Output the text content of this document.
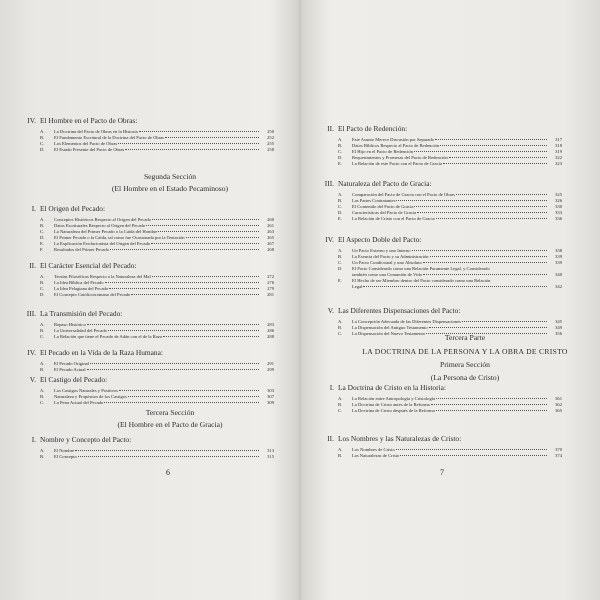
Segunda Sección
(El Hombre en el Estado Pecaminoso)
Tercera Sección
(El Hombre en el Pacto de Gracia)
6
IV. El Hombre en el Pacto de Obras:
A.	La Doctrina del Pacto de Obras en la Historia	250
B.	El Fundamento Escritural de la Doctrina del Pacto de Obras	252
C.	Los Elementos del Pacto de Obras	255
D.	El Estado Presente del Pacto de Obras	258
I. El Origen del Pecado:
A.	Conceptos Históricos Respecto al Origen del Pecado	260
B.	Datos Escriturales Respecto al Origen del Pecado	261
C.	La Naturaleza del Primer Pecado o la Caída del Hombre	263
D.	El Primer Pecado o la Caída, tal como fue Ocasionada por la Tentación	265
E.	La Explicación Evolucionista del Origen del Pecado	267
F.	Resultados del Primer Pecado	268
II. El Carácter Esencial del Pecado:
A.	Teorías Filosóficas Respecto a la Naturaleza del Mal	272
B.	La Idea Bíblica del Pecado	276
C.	La Idea Pelagiana del Pecado	279
D.	El Concepto Católicorromano del Pecado	281
III. La Transmisión del Pecado:
A.	Repaso Histórico	283
B.	La Universalidad del Pecado	286
C.	La Relación que tiene el Pecado de Adán con el de la Raza	288
IV. El Pecado en la Vida de la Raza Humana:
A.	El Pecado Original	291
B.	El Pecado Actual	299
V. El Castigo del Pecado:
A.	Los Castigos Naturales y Positivos	303
B.	Naturaleza y Propósitos de los Castigos	307
C.	La Pena Actual del Pecado	309
I. Nombre y Concepto del Pacto:
A.	El Nombre	313
B.	El Concepto	315
Tercera Parte
LA DOCTRINA DE LA PERSONA Y LA OBRA DE CRISTO
Primera Sección
(La Persona de Cristo)
7
II. El Pacto de Redención:
A.	Este Asunto Merece Discusión por Separado	317
B.	Datos Bíblicos Respecto al Pacto de Redención	318
C.	El Hijo en el Pacto de Redención	319
D.	Requerimientos y Promesas del Pacto de Redención	322
E.	La Relación de este Pacto con el Pacto de Gracia	323
III. Naturaleza del Pacto de Gracia:
A.	Comparación del Pacto de Gracia con el Pacto de Obras	325
B.	Las Partes Contratantes	326
C.	El Contenido del Pacto de Gracia	330
D.	Características del Pacto de Gracia	333
E.	La Relación de Cristo con el Pacto de Gracia	336
IV. El Aspecto Doble del Pacto:
A.	Un Pacto Externo y uno Interno	338
B.	La Esencia del Pacto y su Administración	339
C.	Un Pacto Condicional y uno Absoluto	339
D.	El Pacto Considerado como una Relación Puramente Legal, y Considerado
también como una Comunión de Vida	340
E.	El Hecho de ser Miembro dentro del Pacto considerado como una Relación
Legal	342
V. Las Diferentes Dispensaciones del Pacto:
A.	La Concepción Adecuada de las Diferentes Dispensaciones	345
B.	La Dispensación del Antiguo Testamento	349
C.	La Dispensación del Nuevo Testamento	356
I. La Doctrina de Cristo en la Historia:
A.	La Relación entre Antropología y Cristología	361
B.	La Doctrina de Cristo antes de la Reforma	362
C.	La Doctrina de Cristo después de la Reforma	365
II. Los Nombres y las Naturalezas de Cristo:
A.	Los Nombres de Cristo	370
B.	Las Naturalezas de Cristo	374
